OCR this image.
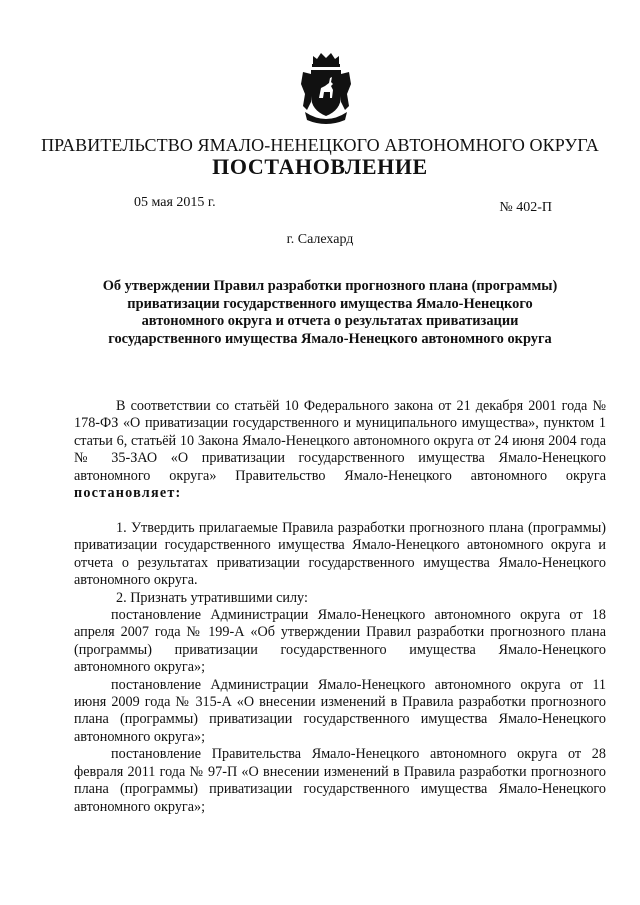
ПРАВИТЕЛЬСТВО ЯМАЛО-НЕНЕЦКОГО АВТОНОМНОГО ОКРУГА
ПОСТАНОВЛЕНИЕ
05 мая 2015 г.	№ 402-П
г. Салехард
Об утверждении Правил разработки прогнозного плана (программы) приватизации государственного имущества Ямало-Ненецкого автономного округа и отчета о результатах приватизации государственного имущества Ямало-Ненецкого автономного округа

В соответствии со статьёй 10 Федерального закона от 21 декабря 2001 года № 178-ФЗ «О приватизации государственного и муниципального имущества», пунктом 1 статьи 6, статьёй 10 Закона Ямало-Ненецкого автономного округа от 24 июня 2004 года № 35-ЗАО «О приватизации государственного имущества Ямало-Ненецкого автономного округа» Правительство Ямало-Ненецкого автономного округа постановляет:

1. Утвердить прилагаемые Правила разработки прогнозного плана (программы) приватизации государственного имущества Ямало-Ненецкого автономного округа и отчета о результатах приватизации государственного имущества Ямало-Ненецкого автономного округа.

2. Признать утратившими силу:

постановление Администрации Ямало-Ненецкого автономного округа от 18 апреля 2007 года № 199-А «Об утверждении Правил разработки прогнозного плана (программы) приватизации государственного имущества Ямало-Ненецкого автономного округа»;

постановление Администрации Ямало-Ненецкого автономного округа от 11 июня 2009 года № 315-А «О внесении изменений в Правила разработки прогнозного плана (программы) приватизации государственного имущества Ямало-Ненецкого автономного округа»;

постановление Правительства Ямало-Ненецкого автономного округа от 28 февраля 2011 года № 97-П «О внесении изменений в Правила разработки прогнозного плана (программы) приватизации государственного имущества Ямало-Ненецкого автономного округа»;
